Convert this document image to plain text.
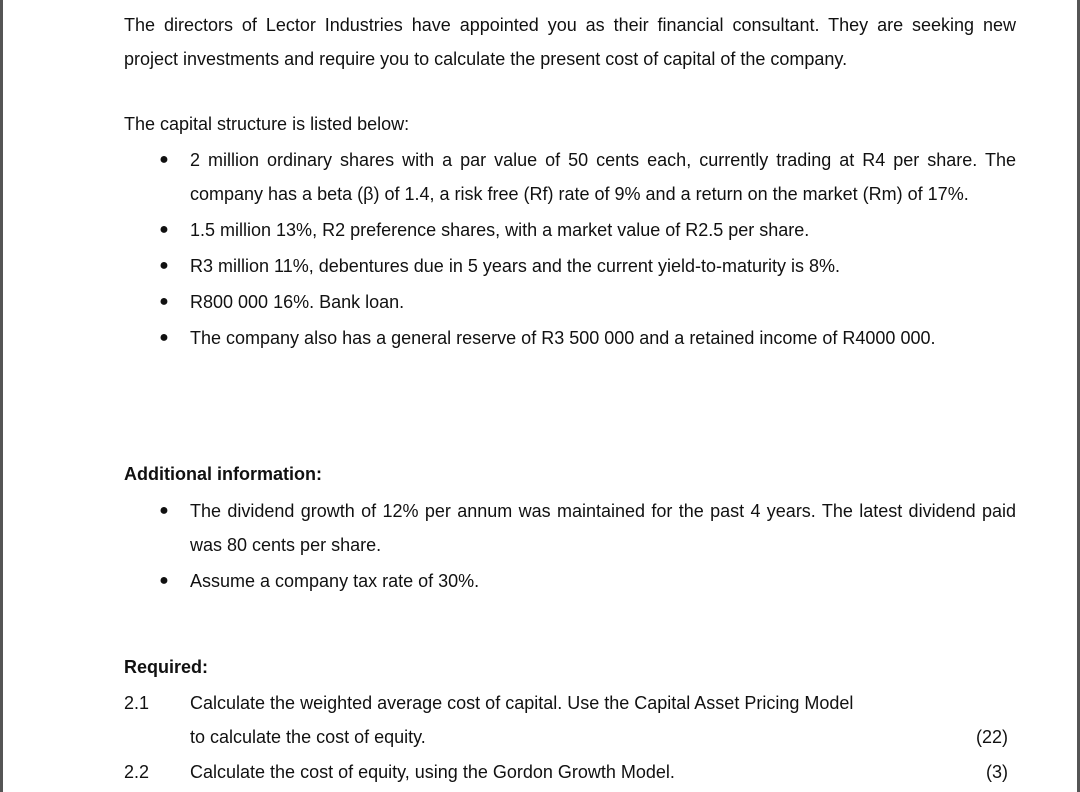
The directors of Lector Industries have appointed you as their financial consultant. They are seeking new project investments and require you to calculate the present cost of capital of the company.

The capital structure is listed below:
● 2 million ordinary shares with a par value of 50 cents each, currently trading at R4 per share. The company has a beta (β) of 1.4, a risk free (Rf) rate of 9% and a return on the market (Rm) of 17%.
● 1.5 million 13%, R2 preference shares, with a market value of R2.5 per share.
● R3 million 11%, debentures due in 5 years and the current yield-to-maturity is 8%.
● R800 000 16%. Bank loan.
● The company also has a general reserve of R3 500 000 and a retained income of R4000 000.
Additional information:
● The dividend growth of 12% per annum was maintained for the past 4 years. The latest dividend paid was 80 cents per share.
● Assume a company tax rate of 30%.
Required:
2.1	Calculate the weighted average cost of capital. Use the Capital Asset Pricing Model
to calculate the cost of equity.	(22)
2.2	Calculate the cost of equity, using the Gordon Growth Model.	(3)
